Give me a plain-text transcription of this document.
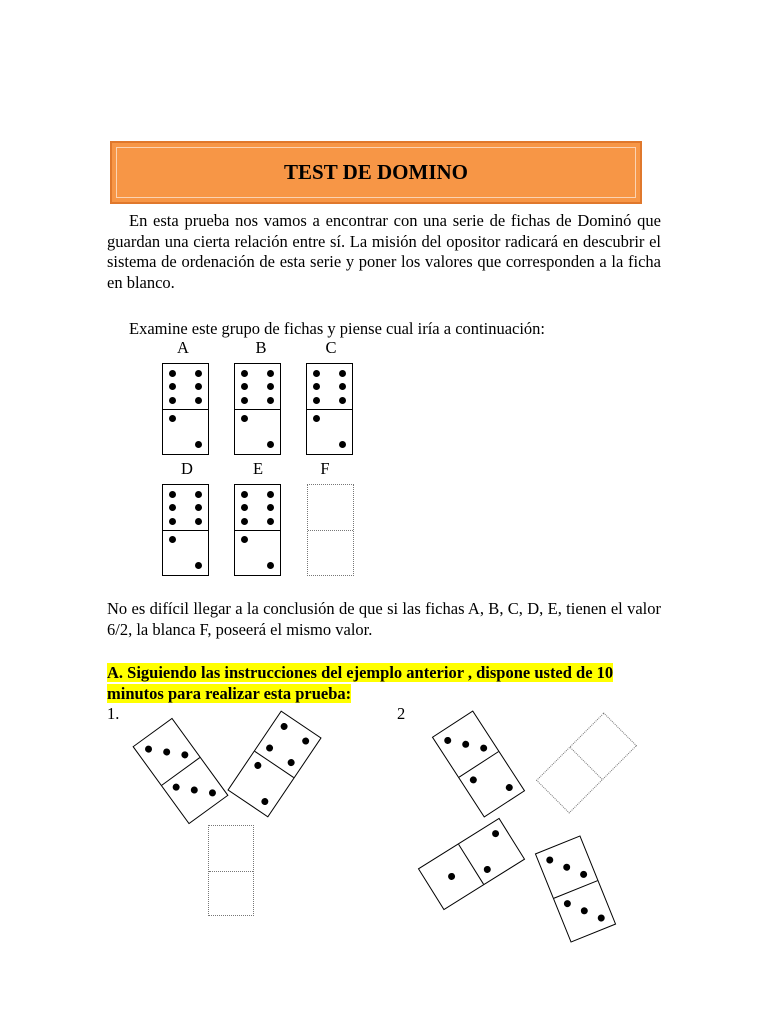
TEST DE DOMINO

En esta prueba nos vamos a encontrar con una serie de fichas de Dominó que guardan una cierta relación entre sí. La misión del opositor radicará en descubrir el sistema de ordenación de esta serie y poner los valores que corresponden a la ficha en blanco.

Examine este grupo de fichas y piense cual iría a continuación:

A	B	C
D	E	F

No es difícil llegar a la conclusión de que si las fichas A, B, C, D, E, tienen el valor 6/2, la blanca F, poseerá el mismo valor.

A. Siguiendo las instrucciones del ejemplo anterior , dispone usted de 10
minutos para realizar esta prueba:
1.	2
